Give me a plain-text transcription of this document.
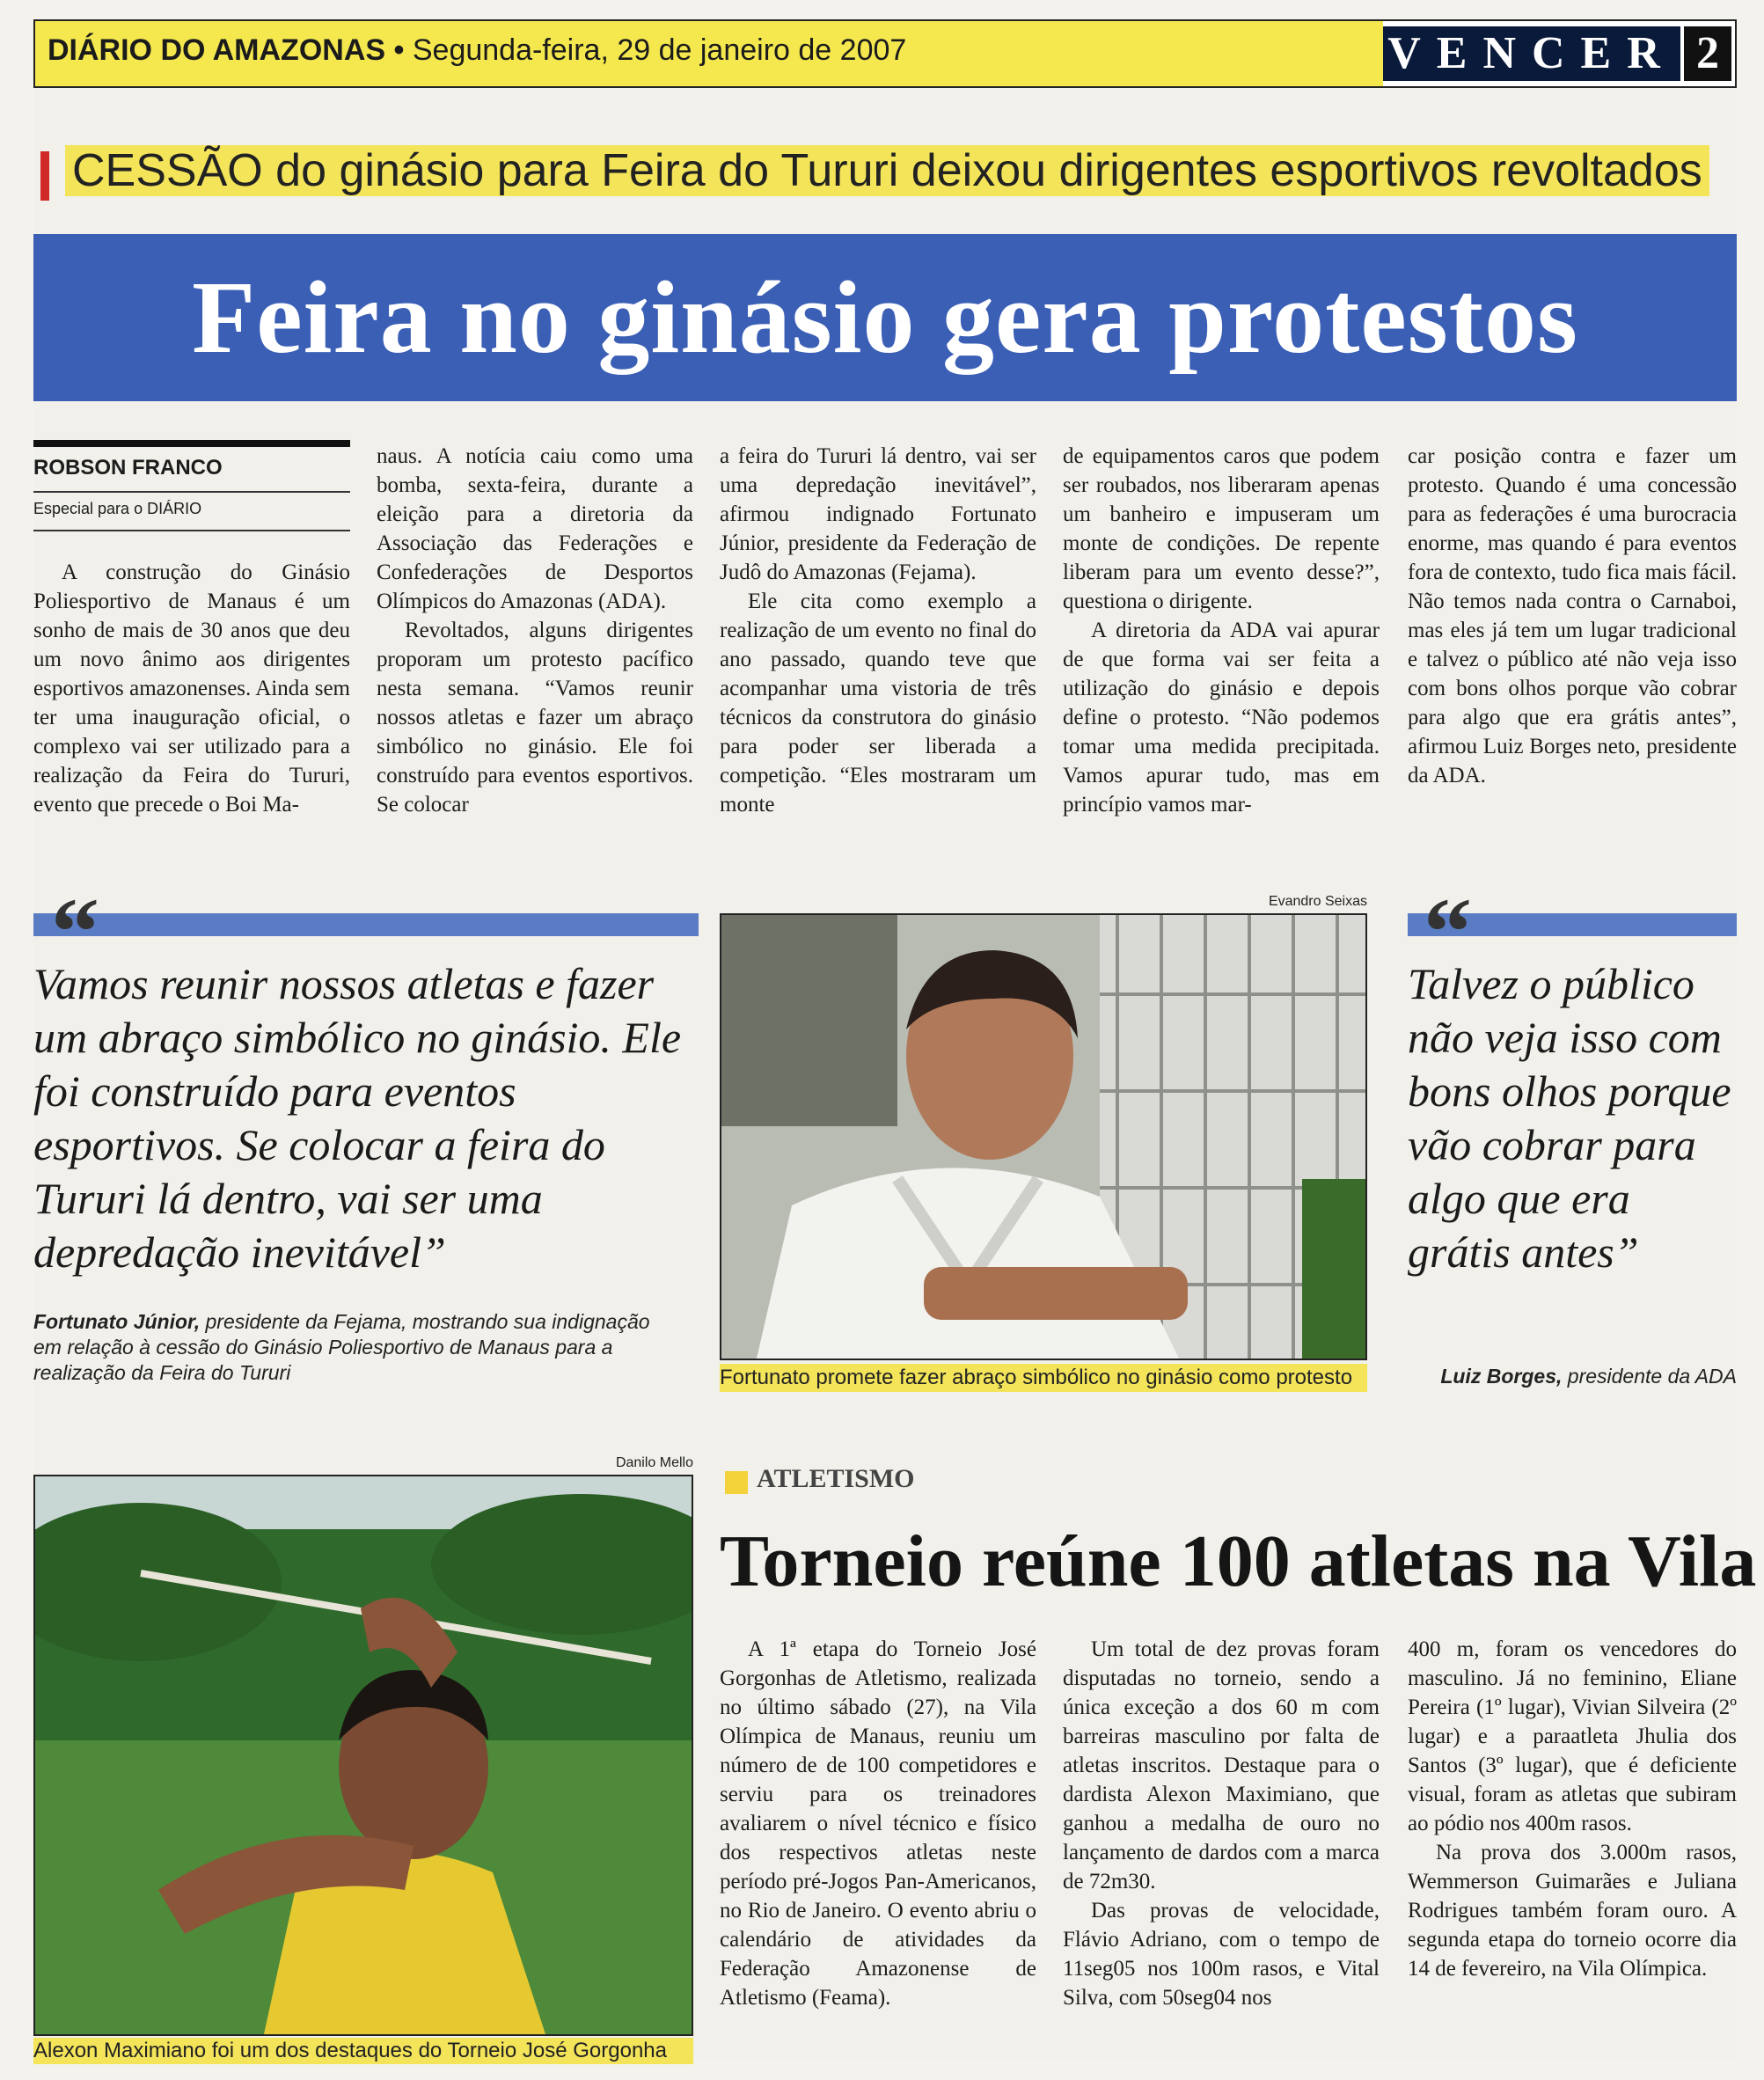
DIÁRIO DO AMAZONAS • Segunda-feira, 29 de janeiro de 2007	VENCER 2
CESSÃO do ginásio para Feira do Tururi deixou dirigentes esportivos revoltados
Feira no ginásio gera protestos
ROBSON FRANCO
Especial para o DIÁRIO

A construção do Ginásio Poliesportivo de Manaus é um sonho de mais de 30 anos que deu um novo ânimo aos dirigentes esportivos amazonenses. Ainda sem ter uma inauguração oficial, o complexo vai ser utilizado para a realização da Feira do Tururi, evento que precede o Boi Ma-

naus. A notícia caiu como uma bomba, sexta-feira, durante a eleição para a diretoria da Associação das Federações e Confederações de Desportos Olímpicos do Amazonas (ADA).

Revoltados, alguns dirigentes proporam um protesto pacífico nesta semana. “Vamos reunir nossos atletas e fazer um abraço simbólico no ginásio. Ele foi construído para eventos esportivos. Se colocar

a feira do Tururi lá dentro, vai ser uma depredação inevitável”, afirmou indignado Fortunato Júnior, presidente da Federação de Judô do Amazonas (Fejama).

Ele cita como exemplo a realização de um evento no final do ano passado, quando teve que acompanhar uma vistoria de três técnicos da construtora do ginásio para poder ser liberada a competição. “Eles mostraram um monte

de equipamentos caros que podem ser roubados, nos liberaram apenas um banheiro e impuseram um monte de condições. De repente liberam para um evento desse?”, questiona o dirigente.

A diretoria da ADA vai apurar de que forma vai ser feita a utilização do ginásio e depois define o protesto. “Não podemos tomar uma medida precipitada. Vamos apurar tudo, mas em princípio vamos mar-

car posição contra e fazer um protesto. Quando é uma concessão para as federações é uma burocracia enorme, mas quando é para eventos fora de contexto, tudo fica mais fácil. Não temos nada contra o Carnaboi, mas eles já tem um lugar tradicional e talvez o público até não veja isso com bons olhos porque vão cobrar para algo que era grátis antes”, afirmou Luiz Borges neto, presidente da ADA.

“
Vamos reunir nossos atletas e fazer um abraço simbólico no ginásio. Ele foi construído para eventos esportivos. Se colocar a feira do Tururi lá dentro, vai ser uma depredação inevitável”
Fortunato Júnior, presidente da Fejama, mostrando sua indignação em relação à cessão do Ginásio Poliesportivo de Manaus para a realização da Feira do Tururi
Evandro Seixas
Fortunato promete fazer abraço simbólico no ginásio como protesto
“
Talvez o público não veja isso com bons olhos porque vão cobrar para algo que era grátis antes”
Luiz Borges, presidente da ADA
Danilo Mello
Alexon Maximiano foi um dos destaques do Torneio José Gorgonha
ATLETISMO
Torneio reúne 100 atletas na Vila

A 1ª etapa do Torneio José Gorgonhas de Atletismo, realizada no último sábado (27), na Vila Olímpica de Manaus, reuniu um número de de 100 competidores e serviu para os treinadores avaliarem o nível técnico e físico dos respectivos atletas neste período pré-Jogos Pan-Americanos, no Rio de Janeiro. O evento abriu o calendário de atividades da Federação Amazonense de Atletismo (Feama).

Um total de dez provas foram disputadas no torneio, sendo a única exceção a dos 60 m com barreiras masculino por falta de atletas inscritos. Destaque para o dardista Alexon Maximiano, que ganhou a medalha de ouro no lançamento de dardos com a marca de 72m30.

Das provas de velocidade, Flávio Adriano, com o tempo de 11seg05 nos 100m rasos, e Vital Silva, com 50seg04 nos

400 m, foram os vencedores do masculino. Já no feminino, Eliane Pereira (1º lugar), Vivian Silveira (2º lugar) e a paraatleta Jhulia dos Santos (3º lugar), que é deficiente visual, foram as atletas que subiram ao pódio nos 400m rasos.

Na prova dos 3.000m rasos, Wemmerson Guimarães e Juliana Rodrigues também foram ouro. A segunda etapa do torneio ocorre dia 14 de fevereiro, na Vila Olímpica.
